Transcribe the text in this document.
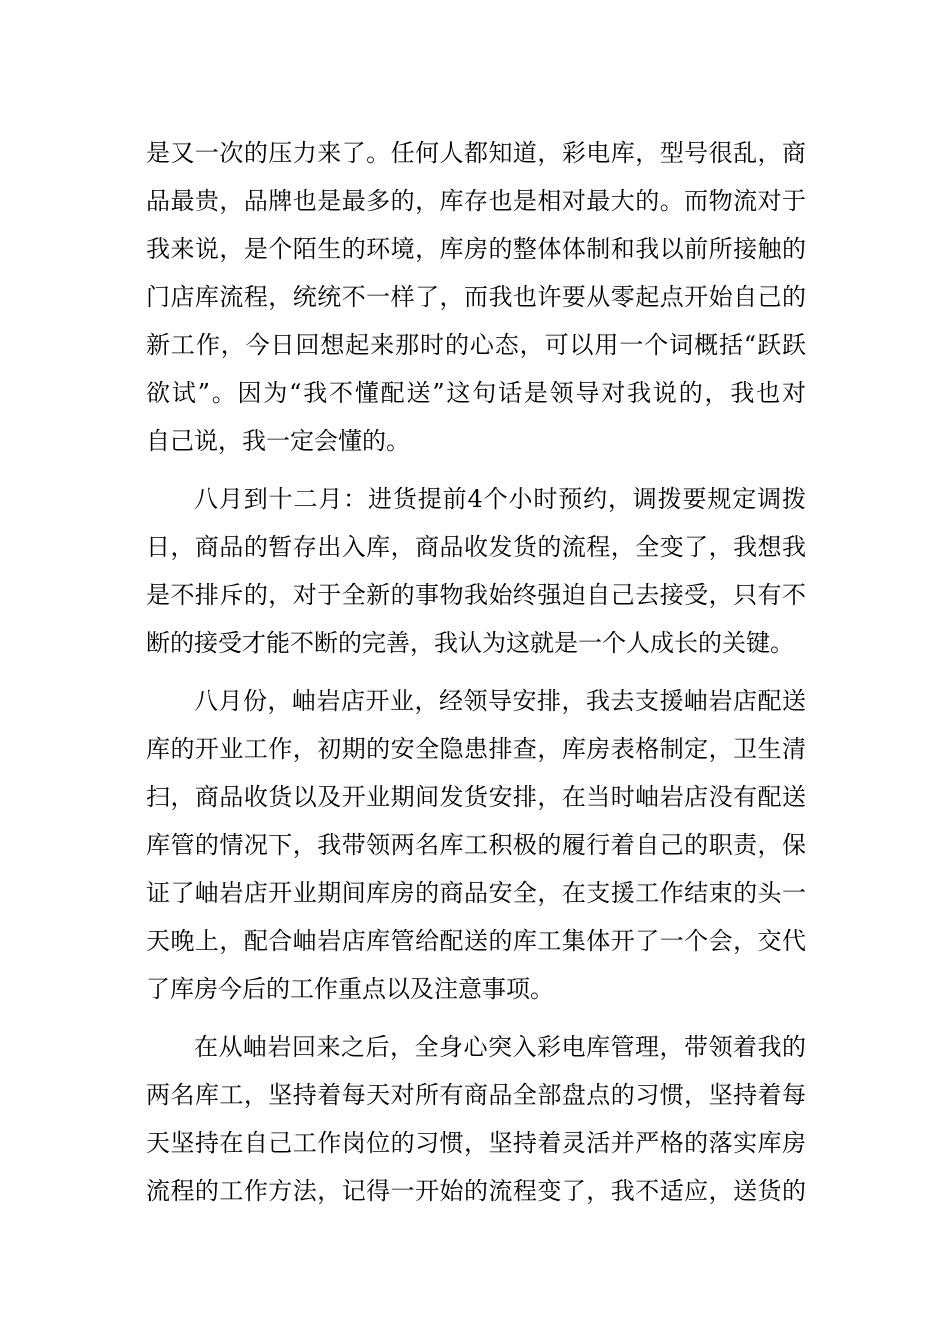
是又一次的压力来了。任何人都知道，彩电库，型号很乱，商
品最贵，品牌也是最多的，库存也是相对最大的。而物流对于
我来说，是个陌生的环境，库房的整体体制和我以前所接触的
门店库流程，统统不一样了，而我也许要从零起点开始自己的
新工作，今日回想起来那时的心态，可以用一个词概括“跃跃
欲试”。因为“我不懂配送”这句话是领导对我说的，我也对
自己说，我一定会懂的。
八月到十二月：进货提前4个小时预约，调拨要规定调拨
日，商品的暂存出入库，商品收发货的流程，全变了，我想我
是不排斥的，对于全新的事物我始终强迫自己去接受，只有不
断的接受才能不断的完善，我认为这就是一个人成长的关键。
八月份，岫岩店开业，经领导安排，我去支援岫岩店配送
库的开业工作，初期的安全隐患排查，库房表格制定，卫生清
扫，商品收货以及开业期间发货安排，在当时岫岩店没有配送
库管的情况下，我带领两名库工积极的履行着自己的职责，保
证了岫岩店开业期间库房的商品安全，在支援工作结束的头一
天晚上，配合岫岩店库管给配送的库工集体开了一个会，交代
了库房今后的工作重点以及注意事项。
在从岫岩回来之后，全身心突入彩电库管理，带领着我的
两名库工，坚持着每天对所有商品全部盘点的习惯，坚持着每
天坚持在自己工作岗位的习惯，坚持着灵活并严格的落实库房
流程的工作方法，记得一开始的流程变了，我不适应，送货的
